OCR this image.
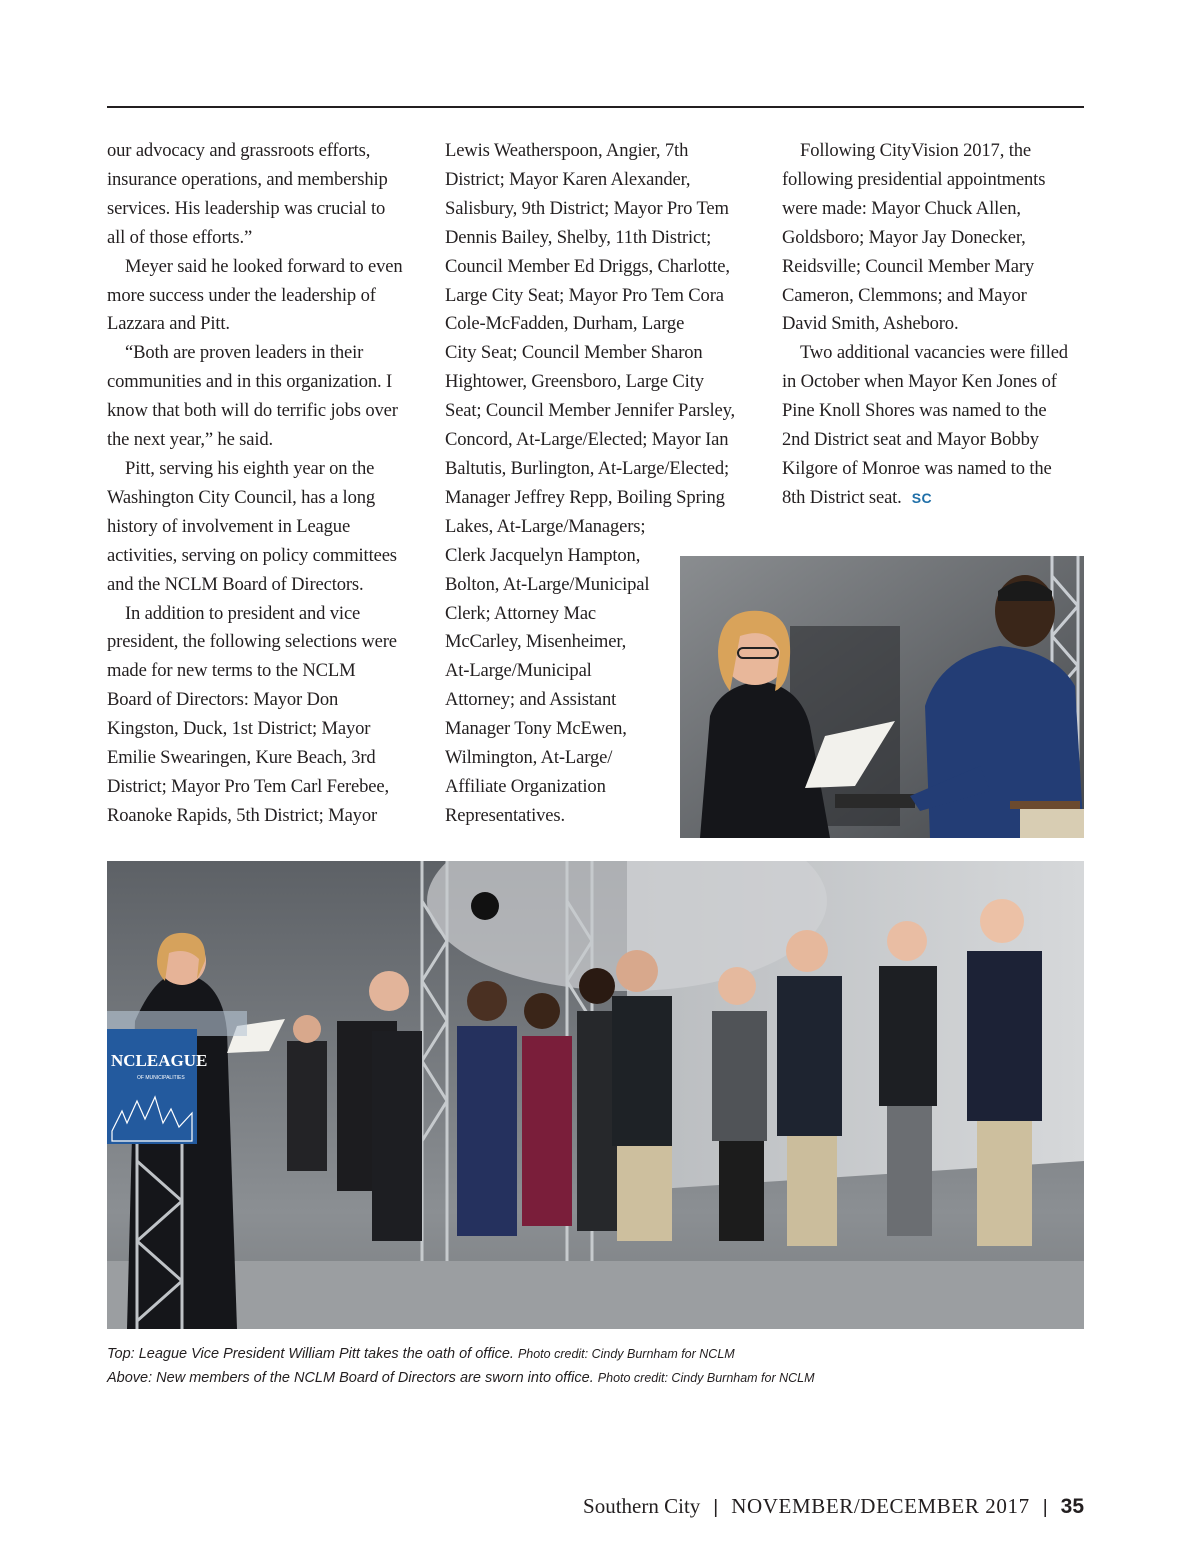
our advocacy and grassroots efforts,
insurance operations, and membership
services. His leadership was crucial to
all of those efforts.”
Meyer said he looked forward to even
more success under the leadership of
Lazzara and Pitt.
“Both are proven leaders in their
communities and in this organization. I
know that both will do terrific jobs over
the next year,” he said.
Pitt, serving his eighth year on the
Washington City Council, has a long
history of involvement in League
activities, serving on policy committees
and the NCLM Board of Directors.
In addition to president and vice
president, the following selections were
made for new terms to the NCLM
Board of Directors: Mayor Don
Kingston, Duck, 1st District; Mayor
Emilie Swearingen, Kure Beach, 3rd
District; Mayor Pro Tem Carl Ferebee,
Roanoke Rapids, 5th District; Mayor
Lewis Weatherspoon, Angier, 7th
District; Mayor Karen Alexander,
Salisbury, 9th District; Mayor Pro Tem
Dennis Bailey, Shelby, 11th District;
Council Member Ed Driggs, Charlotte,
Large City Seat; Mayor Pro Tem Cora
Cole-McFadden, Durham, Large
City Seat; Council Member Sharon
Hightower, Greensboro, Large City
Seat; Council Member Jennifer Parsley,
Concord, At-Large/Elected; Mayor Ian
Baltutis, Burlington, At-Large/Elected;
Manager Jeffrey Repp, Boiling Spring
Lakes, At-Large/Managers;
Clerk Jacquelyn Hampton,
Bolton, At-Large/Municipal
Clerk; Attorney Mac
McCarley, Misenheimer,
At-Large/Municipal
Attorney; and Assistant
Manager Tony McEwen,
Wilmington, At-Large/
Affiliate Organization
Representatives.
Following CityVision 2017, the
following presidential appointments
were made: Mayor Chuck Allen,
Goldsboro; Mayor Jay Donecker,
Reidsville; Council Member Mary
Cameron, Clemmons; and Mayor
David Smith, Asheboro.
Two additional vacancies were filled
in October when Mayor Ken Jones of
Pine Knoll Shores was named to the
2nd District seat and Mayor Bobby
Kilgore of Monroe was named to the
8th District seat. SC
NCLEAGUE
OF MUNICIPALITIES
Top: League Vice President William Pitt takes the oath of office. Photo credit: Cindy Burnham for NCLM
Above: New members of the NCLM Board of Directors are sworn into office. Photo credit: Cindy Burnham for NCLM
Southern City | NOVEMBER/DECEMBER 2017 | 35
